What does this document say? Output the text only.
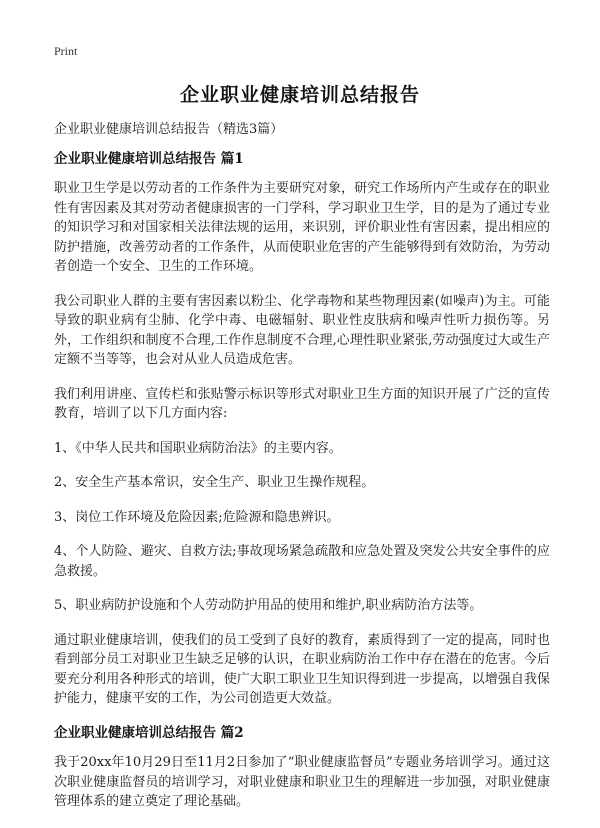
Print
企业职业健康培训总结报告

企业职业健康培训总结报告（精选3篇）

企业职业健康培训总结报告 篇1

职业卫生学是以劳动者的工作条件为主要研究对象，研究工作场所内产生或存在的职业性有害因素及其对劳动者健康损害的一门学科，学习职业卫生学，目的是为了通过专业的知识学习和对国家相关法律法规的运用，来识别，评价职业性有害因素，提出相应的防护措施，改善劳动者的工作条件，从而使职业危害的产生能够得到有效防治，为劳动者创造一个安全、卫生的工作环境。

我公司职业人群的主要有害因素以粉尘、化学毒物和某些物理因素(如噪声)为主。可能导致的职业病有尘肺、化学中毒、电磁辐射、职业性皮肤病和噪声性听力损伤等。另外，工作组织和制度不合理,工作作息制度不合理,心理性职业紧张,劳动强度过大或生产定额不当等等，也会对从业人员造成危害。

我们利用讲座、宣传栏和张贴警示标识等形式对职业卫生方面的知识开展了广泛的宣传教育，培训了以下几方面内容:

1、《中华人民共和国职业病防治法》的主要内容。

2、安全生产基本常识，安全生产、职业卫生操作规程。

3、岗位工作环境及危险因素;危险源和隐患辨识。

4、个人防险、避灾、自救方法;事故现场紧急疏散和应急处置及突发公共安全事件的应急救援。

5、职业病防护设施和个人劳动防护用品的使用和维护,职业病防治方法等。

通过职业健康培训，使我们的员工受到了良好的教育，素质得到了一定的提高，同时也看到部分员工对职业卫生缺乏足够的认识，在职业病防治工作中存在潜在的危害。今后要充分利用各种形式的培训，使广大职工职业卫生知识得到进一步提高，以增强自我保护能力，健康平安的工作，为公司创造更大效益。

企业职业健康培训总结报告 篇2

我于20xx年10月29日至11月2日参加了“职业健康监督员”专题业务培训学习。通过这次职业健康监督员的培训学习，对职业健康和职业卫生的理解进一步加强，对职业健康管理体系的建立奠定了理论基础。
